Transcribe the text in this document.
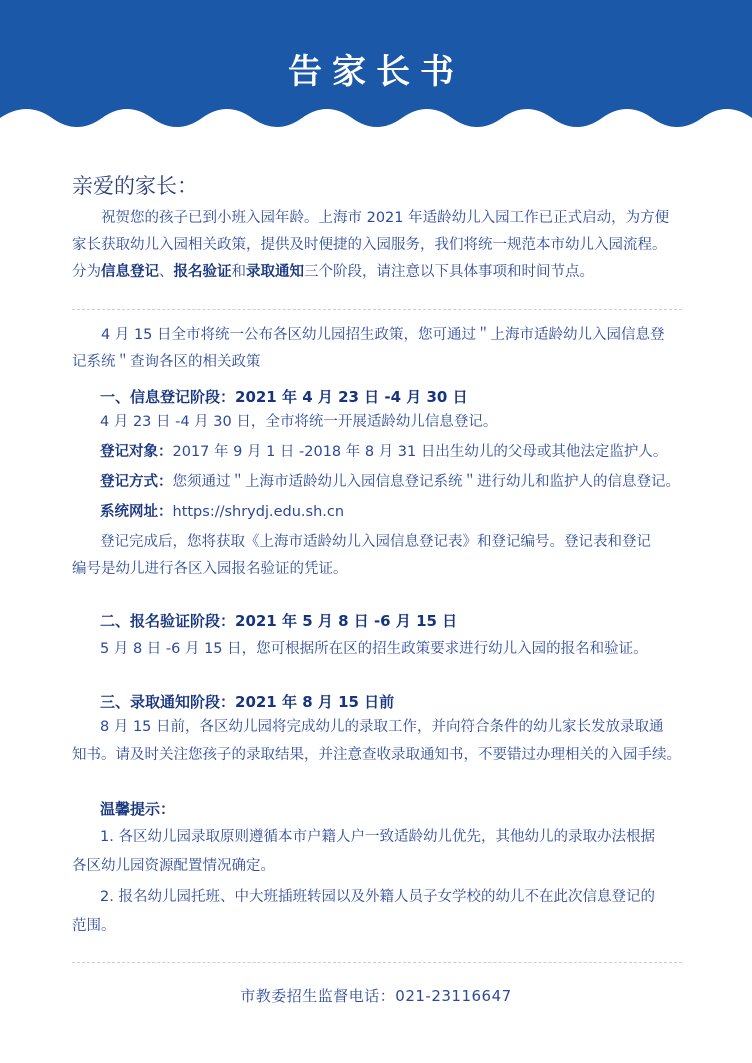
告家长书
亲爱的家长：
祝贺您的孩子已到小班入园年龄。上海市 2021 年适龄幼儿入园工作已正式启动，为方便
家长获取幼儿入园相关政策，提供及时便捷的入园服务，我们将统一规范本市幼儿入园流程。
分为信息登记、报名验证和录取通知三个阶段，请注意以下具体事项和时间节点。
4 月 15 日全市将统一公布各区幼儿园招生政策，您可通过＂上海市适龄幼儿入园信息登
记系统＂查询各区的相关政策
一、信息登记阶段：2021 年 4 月 23 日 -4 月 30 日
4 月 23 日 -4 月 30 日，全市将统一开展适龄幼儿信息登记。
登记对象：2017 年 9 月 1 日 -2018 年 8 月 31 日出生幼儿的父母或其他法定监护人。
登记方式：您须通过＂上海市适龄幼儿入园信息登记系统＂进行幼儿和监护人的信息登记。
系统网址：https://shrydj.edu.sh.cn
登记完成后，您将获取《上海市适龄幼儿入园信息登记表》和登记编号。登记表和登记
编号是幼儿进行各区入园报名验证的凭证。
二、报名验证阶段：2021 年 5 月 8 日 -6 月 15 日
5 月 8 日 -6 月 15 日，您可根据所在区的招生政策要求进行幼儿入园的报名和验证。
三、录取通知阶段：2021 年 8 月 15 日前
8 月 15 日前，各区幼儿园将完成幼儿的录取工作，并向符合条件的幼儿家长发放录取通
知书。请及时关注您孩子的录取结果，并注意查收录取通知书，不要错过办理相关的入园手续。
温馨提示：
1. 各区幼儿园录取原则遵循本市户籍人户一致适龄幼儿优先，其他幼儿的录取办法根据
各区幼儿园资源配置情况确定。
2. 报名幼儿园托班、中大班插班转园以及外籍人员子女学校的幼儿不在此次信息登记的
范围。
市教委招生监督电话：021-23116647
